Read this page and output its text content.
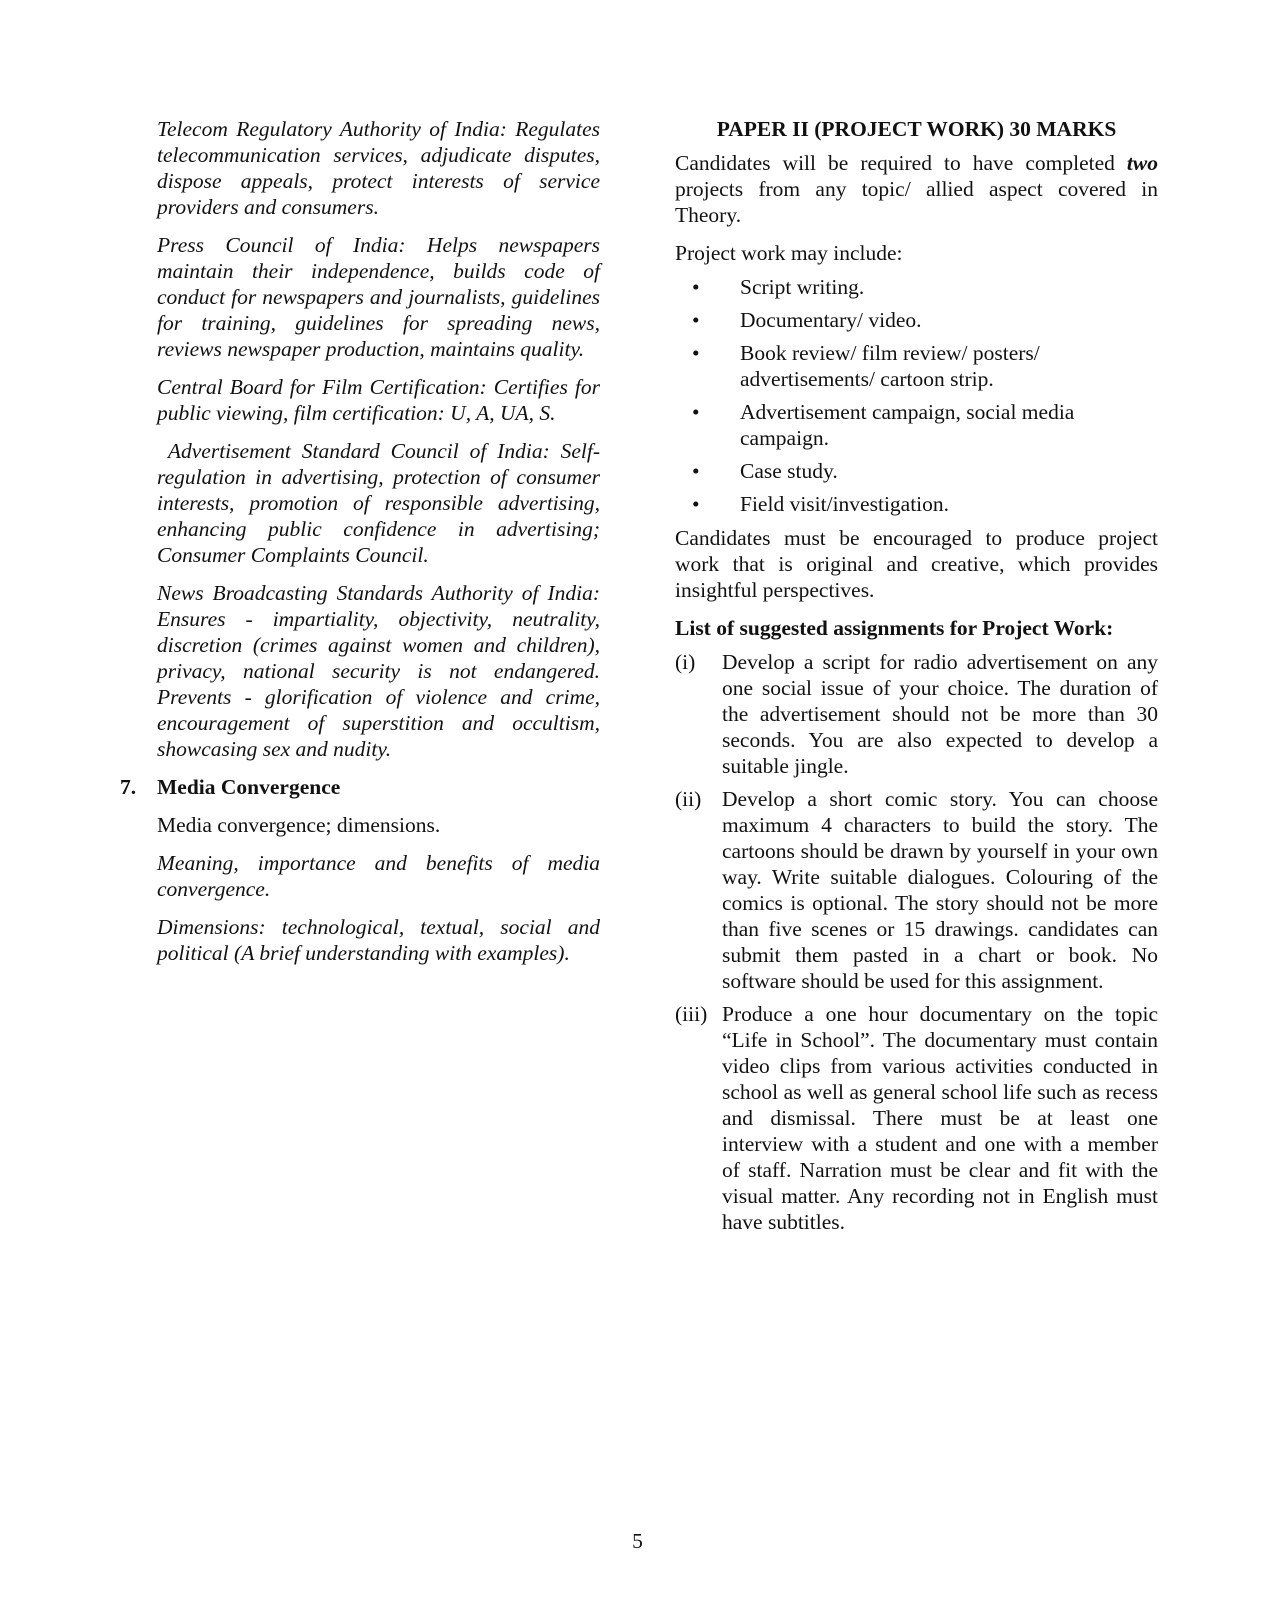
Telecom Regulatory Authority of India: Regulates telecommunication services, adjudicate disputes, dispose appeals, protect interests of service providers and consumers.

Press Council of India: Helps newspapers maintain their independence, builds code of conduct for newspapers and journalists, guidelines for training, guidelines for spreading news, reviews newspaper production, maintains quality.

Central Board for Film Certification: Certifies for public viewing, film certification: U, A, UA, S.

Advertisement Standard Council of India: Self-regulation in advertising, protection of consumer interests, promotion of responsible advertising, enhancing public confidence in advertising; Consumer Complaints Council.

News Broadcasting Standards Authority of India: Ensures - impartiality, objectivity, neutrality, discretion (crimes against women and children), privacy, national security is not endangered. Prevents - glorification of violence and crime, encouragement of superstition and occultism, showcasing sex and nudity.

7. Media Convergence

Media convergence; dimensions.

Meaning, importance and benefits of media convergence.

Dimensions: technological, textual, social and political (A brief understanding with examples).

PAPER II (PROJECT WORK) 30 MARKS

Candidates will be required to have completed two projects from any topic/ allied aspect covered in Theory.

Project work may include:

• Script writing.
• Documentary/ video.
• Book review/ film review/ posters/ advertisements/ cartoon strip.
• Advertisement campaign, social media campaign.
• Case study.
• Field visit/investigation.

Candidates must be encouraged to produce project work that is original and creative, which provides insightful perspectives.

List of suggested assignments for Project Work:

(i)	Develop a script for radio advertisement on any one social issue of your choice. The duration of the advertisement should not be more than 30 seconds. You are also expected to develop a suitable jingle.
(ii) Develop a short comic story. You can choose maximum 4 characters to build the story. The cartoons should be drawn by yourself in your own way. Write suitable dialogues. Colouring of the comics is optional. The story should not be more than five scenes or 15 drawings. candidates can submit them pasted in a chart or book. No software should be used for this assignment.
(iii) Produce a one hour documentary on the topic “Life in School”. The documentary must contain video clips from various activities conducted in school as well as general school life such as recess and dismissal. There must be at least one interview with a student and one with a member of staff. Narration must be clear and fit with the visual matter. Any recording not in English must have subtitles.
5
